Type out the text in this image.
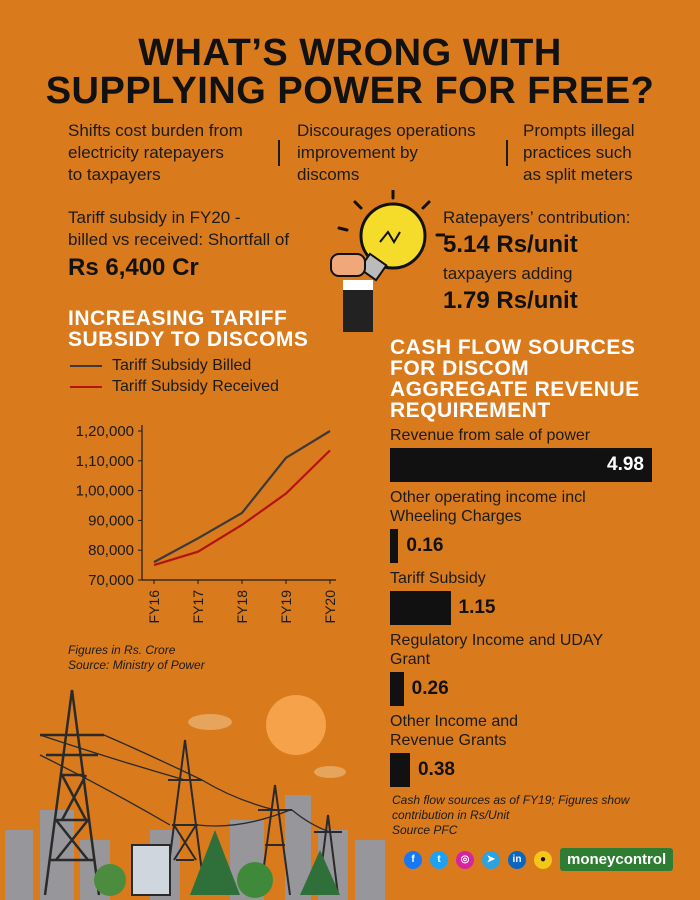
WHAT’S WRONG WITH
SUPPLYING POWER FOR FREE?
Shifts cost burden from
electricity ratepayers
to taxpayers
Discourages operations
improvement by
discoms
Prompts illegal
practices such
as split meters
Tariff subsidy in FY20 -
billed vs received: Shortfall of
Rs 6,400 Cr
Ratepayers’ contribution:
5.14 Rs/unit
taxpayers adding
1.79 Rs/unit
INCREASING TARIFF
SUBSIDY TO DISCOMS
Tariff Subsidy Billed
Tariff Subsidy Received
1,20,000
1,10,000
1,00,000
90,000
80,000
70,000
FY16 FY17 FY18 FY19 FY20
Figures in Rs. Crore
Source: Ministry of Power
CASH FLOW SOURCES
FOR DISCOM
AGGREGATE REVENUE
REQUIREMENT
Revenue from sale of power
4.98
Other operating income incl
Wheeling Charges
0.16
Tariff Subsidy
1.15
Regulatory Income and UDAY
Grant
0.26
Other Income and
Revenue Grants
0.38
Cash flow sources as of FY19; Figures show
contribution in Rs/Unit
Source PFC
f	t	◎	➤	in	●	moneycontrol
